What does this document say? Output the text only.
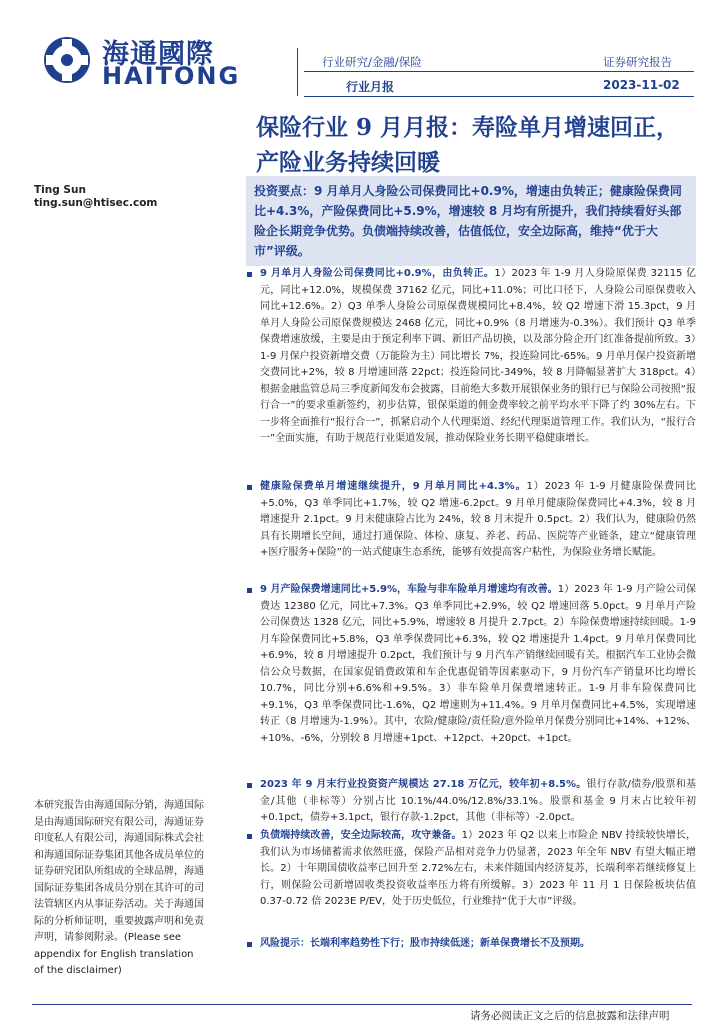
海通國際
HAITONG	行业研究/金融/保险	证券研究报告
行业月报	2023-11-02
保险行业 9 月月报：寿险单月增速回正，
产险业务持续回暖
Ting Sun
ting.sun@htisec.com
投资要点：9 月单月人身险公司保费同比+0.9%，增速由负转正；健康险保费同比+4.3%，产险保费同比+5.9%，增速较 8 月均有所提升，我们持续看好头部险企长期竞争优势。负债端持续改善，估值低位，安全边际高，维持“优于大市”评级。
9 月单月人身险公司保费同比+0.9%，由负转正。1）2023 年 1-9 月人身险原保费 32115 亿元，同比+12.0%，规模保费 37162 亿元，同比+11.0%；可比口径下，人身险公司原保费收入同比+12.6%。2）Q3 单季人身险公司原保费规模同比+8.4%，较 Q2 增速下滑 15.3pct，9 月单月人身险公司原保费规模达 2468 亿元，同比+0.9%（8 月增速为-0.3%）。我们预计 Q3 单季保费增速放缓，主要是由于预定利率下调、新旧产品切换，以及部分险企开门红准备提前所致。3）1-9 月保户投资新增交费（万能险为主）同比增长 7%，投连险同比-65%。9 月单月保户投资新增交费同比+2%，较 8 月增速回落 22pct；投连险同比-349%，较 8 月降幅显著扩大 318pct。4）根据金融监管总局三季度新闻发布会披露，目前绝大多数开展银保业务的银行已与保险公司按照“报行合一”的要求重新签约，初步估算，银保渠道的佣金费率较之前平均水平下降了约 30%左右。下一步将全面推行“报行合一”，抓紧启动个人代理渠道、经纪代理渠道管理工作。我们认为，“报行合一”全面实施，有助于规范行业渠道发展，推动保险业务长期平稳健康增长。
健康险保费单月增速继续提升，9 月单月同比+4.3%。1）2023 年 1-9 月健康险保费同比+5.0%，Q3 单季同比+1.7%，较 Q2 增速-6.2pct。9 月单月健康险保费同比+4.3%，较 8 月增速提升 2.1pct。9 月末健康险占比为 24%，较 8 月末提升 0.5pct。2）我们认为，健康险仍然具有长期增长空间，通过打通保险、体检、康复、养老、药品、医院等产业链条，建立“健康管理+医疗服务+保险”的一站式健康生态系统，能够有效提高客户粘性，为保险业务增长赋能。
9 月产险保费增速同比+5.9%，车险与非车险单月增速均有改善。1）2023 年 1-9 月产险公司保费达 12380 亿元，同比+7.3%。Q3 单季同比+2.9%，较 Q2 增速回落 5.0pct。9 月单月产险公司保费达 1328 亿元，同比+5.9%，增速较 8 月提升 2.7pct。2）车险保费增速持续回暖。1-9 月车险保费同比+5.8%，Q3 单季保费同比+6.3%，较 Q2 增速提升 1.4pct。9 月单月保费同比+6.9%，较 8 月增速提升 0.2pct，我们预计与 9 月汽车产销继续回暖有关。根据汽车工业协会微信公众号数据，在国家促销费政策和车企优惠促销等因素驱动下，9 月份汽车产销量环比均增长 10.7%，同比分别+6.6%和+9.5%。3）非车险单月保费增速转正。1-9 月非车险保费同比+9.1%，Q3 单季保费同比-1.6%，Q2 增速则为+11.4%。9 月单月保费同比+4.5%，实现增速转正（8 月增速为-1.9%）。其中，农险/健康险/责任险/意外险单月保费分别同比+14%、+12%、+10%、-6%，分别较 8 月增速+1pct、+12pct、+20pct、+1pct。
2023 年 9 月末行业投资资产规模达 27.18 万亿元，较年初+8.5%。银行存款/债券/股票和基金/其他（非标等）分别占比 10.1%/44.0%/12.8%/33.1%。股票和基金 9 月末占比较年初+0.1pct，债券+3.1pct，银行存款-1.2pct，其他（非标等）-2.0pct。
负债端持续改善，安全边际较高，攻守兼备。1）2023 年 Q2 以来上市险企 NBV 持续较快增长，我们认为市场储蓄需求依然旺盛，保险产品相对竞争力仍显著，2023 年全年 NBV 有望大幅正增长。2）十年期国债收益率已回升至 2.72%左右，未来伴随国内经济复苏，长端利率若继续修复上行，则保险公司新增固收类投资收益率压力将有所缓解。3）2023 年 11 月 1 日保险板块估值 0.37-0.72 倍 2023E P/EV，处于历史低位，行业维持“优于大市”评级。
风险提示：长端利率趋势性下行；股市持续低迷；新单保费增长不及预期。
本研究报告由海通国际分销，海通国际是由海通国际研究有限公司，海通证券印度私人有限公司，海通国际株式会社和海通国际证券集团其他各成员单位的证券研究团队所组成的全球品牌，海通国际证券集团各成员分别在其许可的司法管辖区内从事证券活动。关于海通国际的分析师证明，重要披露声明和免责声明，请参阅附录。(Please see appendix for English translation of the disclaimer)
请务必阅读正文之后的信息披露和法律声明
